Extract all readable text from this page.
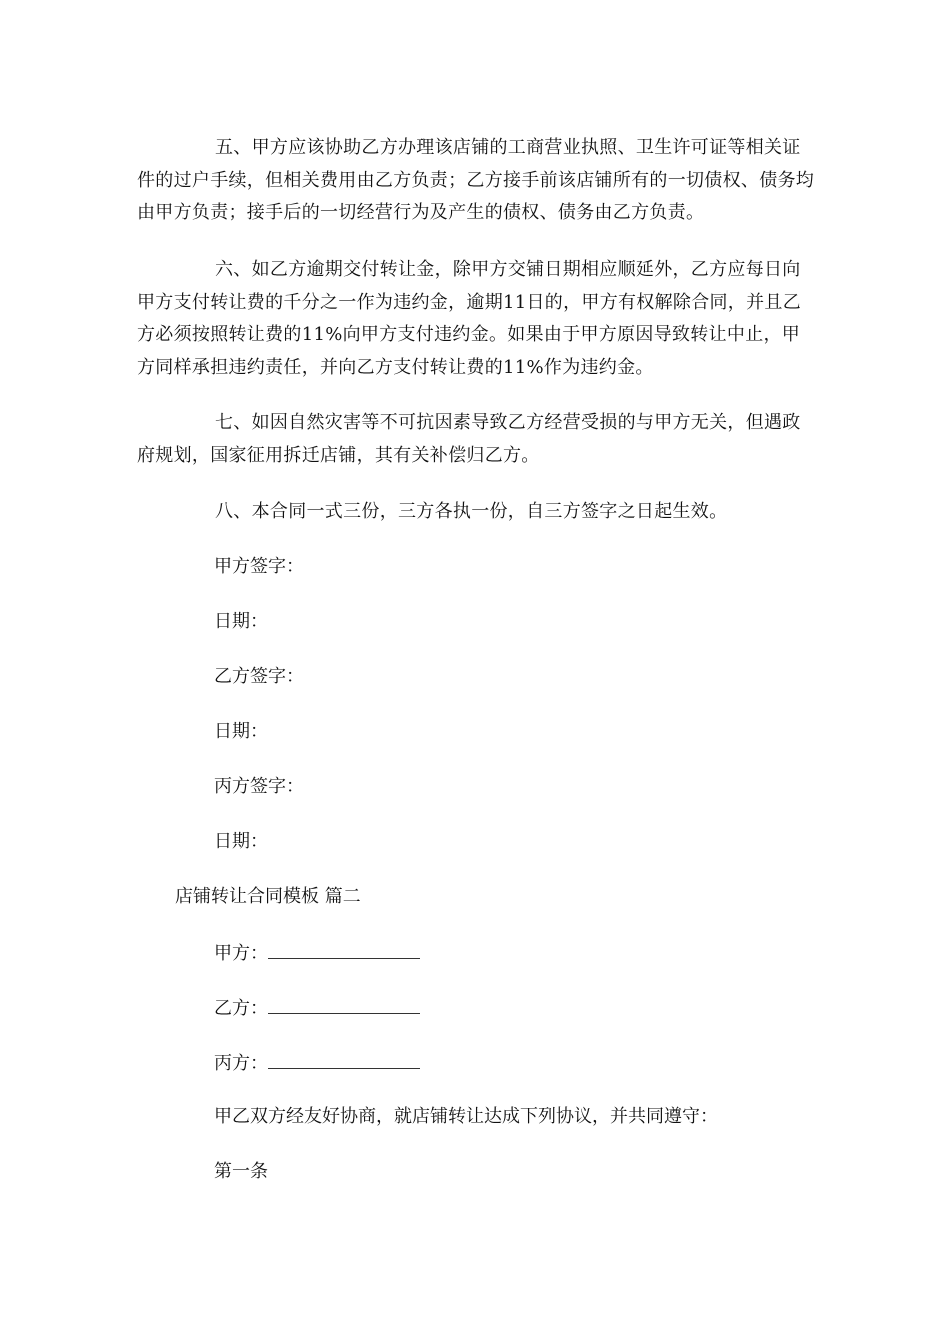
五、甲方应该协助乙方办理该店铺的工商营业执照、卫生许可证等相关证件的过户手续，但相关费用由乙方负责；乙方接手前该店铺所有的一切债权、债务均由甲方负责；接手后的一切经营行为及产生的债权、债务由乙方负责。

六、如乙方逾期交付转让金，除甲方交铺日期相应顺延外，乙方应每日向甲方支付转让费的千分之一作为违约金，逾期11日的，甲方有权解除合同，并且乙方必须按照转让费的11%向甲方支付违约金。如果由于甲方原因导致转让中止，甲方同样承担违约责任，并向乙方支付转让费的11%作为违约金。

七、如因自然灾害等不可抗因素导致乙方经营受损的与甲方无关，但遇政府规划，国家征用拆迁店铺，其有关补偿归乙方。

八、本合同一式三份，三方各执一份，自三方签字之日起生效。

甲方签字：

日期：

乙方签字：

日期：

丙方签字：

日期：

店铺转让合同模板 篇二

甲方：

乙方：

丙方：

甲乙双方经友好协商，就店铺转让达成下列协议，并共同遵守：

第一条
